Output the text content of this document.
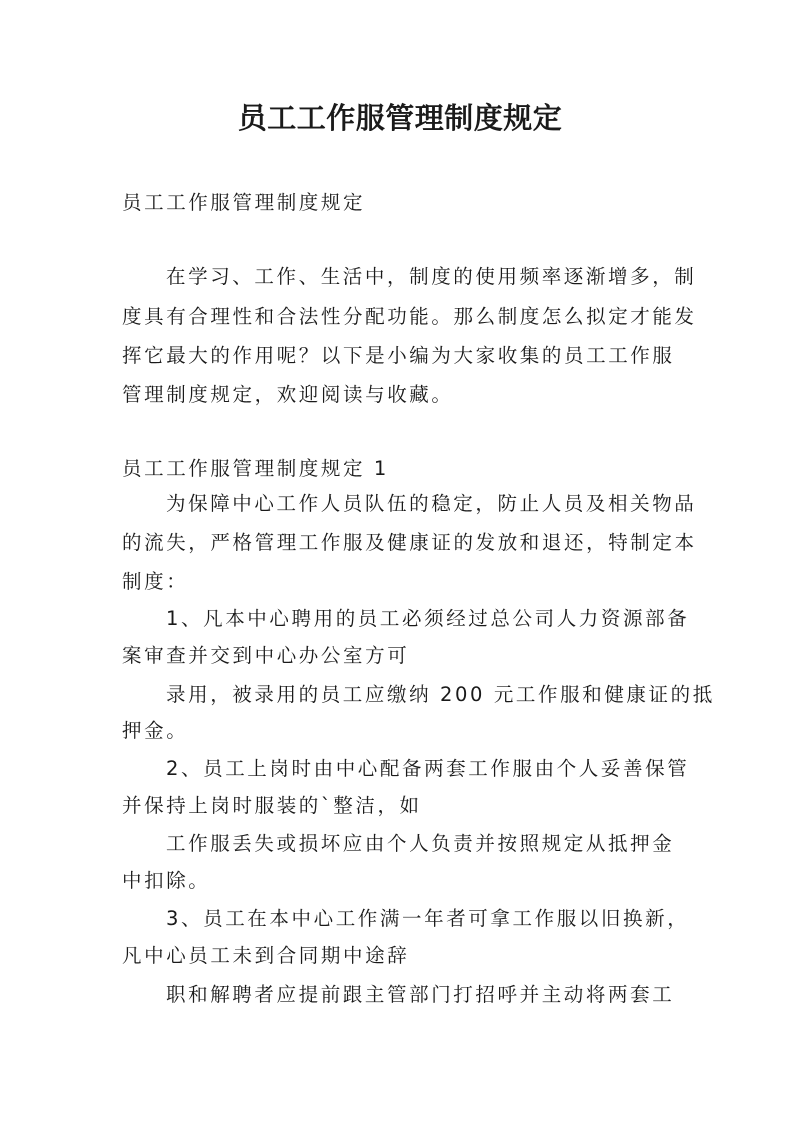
员工工作服管理制度规定
员工工作服管理制度规定
在学习、工作、生活中，制度的使用频率逐渐增多，制
度具有合理性和合法性分配功能。那么制度怎么拟定才能发
挥它最大的作用呢？以下是小编为大家收集的员工工作服
管理制度规定，欢迎阅读与收藏。
员工工作服管理制度规定 1
为保障中心工作人员队伍的稳定，防止人员及相关物品
的流失，严格管理工作服及健康证的发放和退还，特制定本
制度：
1、凡本中心聘用的员工必须经过总公司人力资源部备
案审查并交到中心办公室方可
录用，被录用的员工应缴纳 200 元工作服和健康证的抵
押金。
2、员工上岗时由中心配备两套工作服由个人妥善保管
并保持上岗时服装的`整洁，如
工作服丢失或损坏应由个人负责并按照规定从抵押金
中扣除。
3、员工在本中心工作满一年者可拿工作服以旧换新，
凡中心员工未到合同期中途辞
职和解聘者应提前跟主管部门打招呼并主动将两套工
